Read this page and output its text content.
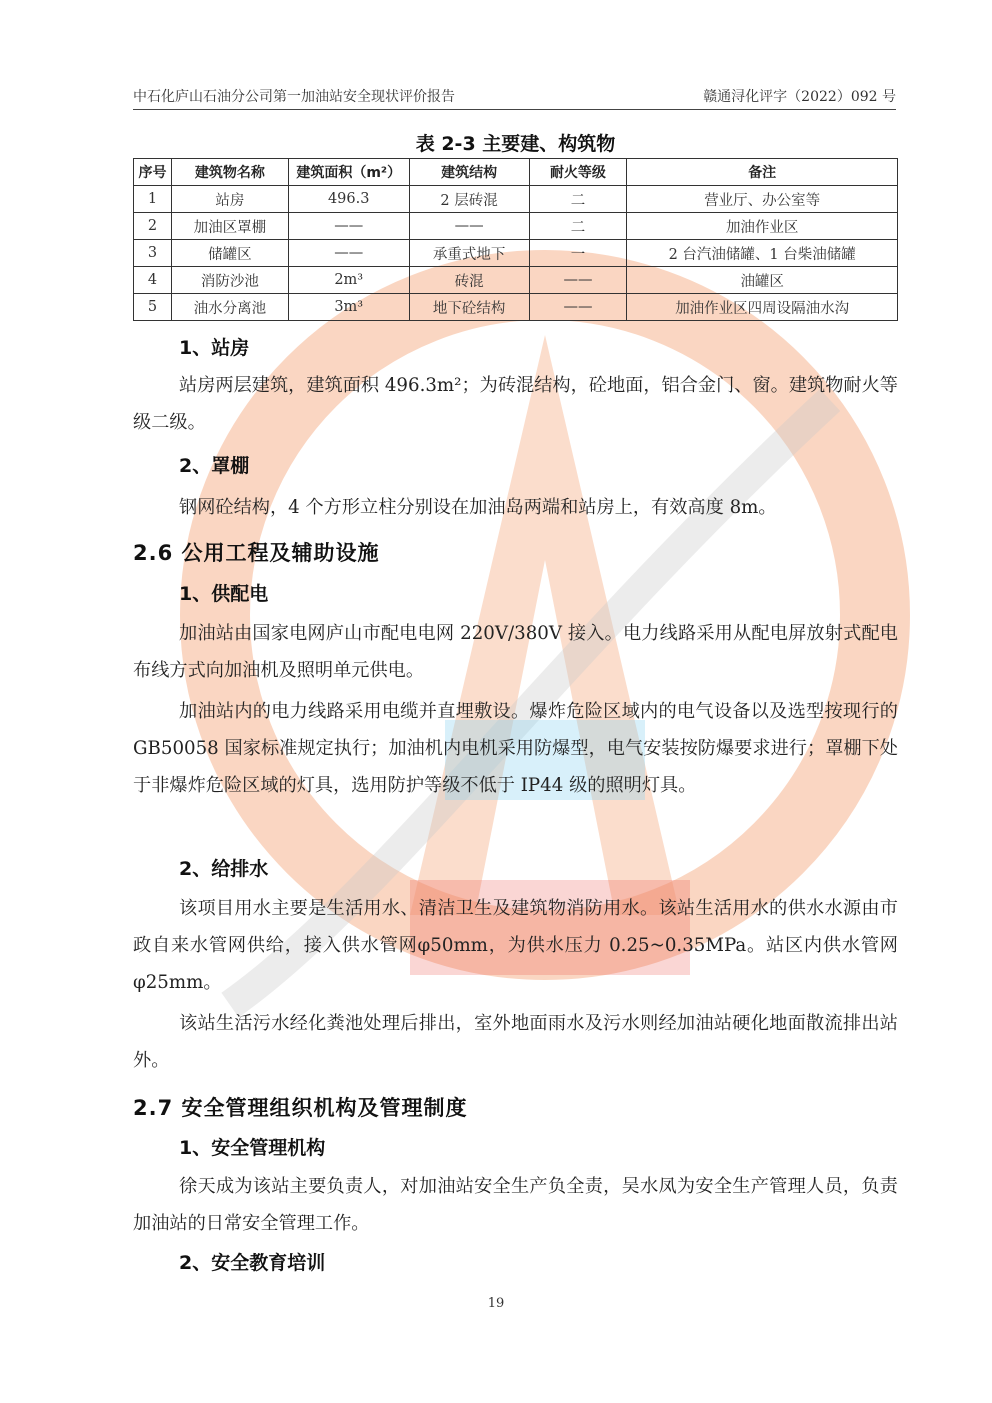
中石化庐山石油分公司第一加油站安全现状评价报告	赣通浔化评字（2022）092 号
表 2-3 主要建、构筑物
序号	建筑物名称	建筑面积（m²）	建筑结构	耐火等级	备注
1	站房	496.3	2 层砖混	二	营业厅、办公室等
2	加油区罩棚	——	——	二	加油作业区
3	储罐区	——	承重式地下	一	2 台汽油储罐、1 台柴油储罐
4	消防沙池	2m³	砖混	——	油罐区
5	油水分离池	3m³	地下砼结构	——	加油作业区四周设隔油水沟
1、站房

站房两层建筑，建筑面积 496.3m²；为砖混结构，砼地面，铝合金门、窗。建筑物耐火等级二级。

2、罩棚

钢网砼结构，4 个方形立柱分别设在加油岛两端和站房上，有效高度 8m。

2.6 公用工程及辅助设施
1、供配电

加油站由国家电网庐山市配电电网 220V/380V 接入。电力线路采用从配电屏放射式配电布线方式向加油机及照明单元供电。

加油站内的电力线路采用电缆并直埋敷设。爆炸危险区域内的电气设备以及选型按现行的 GB50058 国家标准规定执行；加油机内电机采用防爆型，电气安装按防爆要求进行；罩棚下处于非爆炸危险区域的灯具，选用防护等级不低于 IP44 级的照明灯具。

2、给排水

该项目用水主要是生活用水、清洁卫生及建筑物消防用水。该站生活用水的供水水源由市政自来水管网供给，接入供水管网φ50mm，为供水压力 0.25~0.35MPa。站区内供水管网φ25mm。

该站生活污水经化粪池处理后排出，室外地面雨水及污水则经加油站硬化地面散流排出站外。

2.7 安全管理组织机构及管理制度
1、安全管理机构

徐天成为该站主要负责人，对加油站安全生产负全责，吴水凤为安全生产管理人员，负责加油站的日常安全管理工作。

2、安全教育培训
19
